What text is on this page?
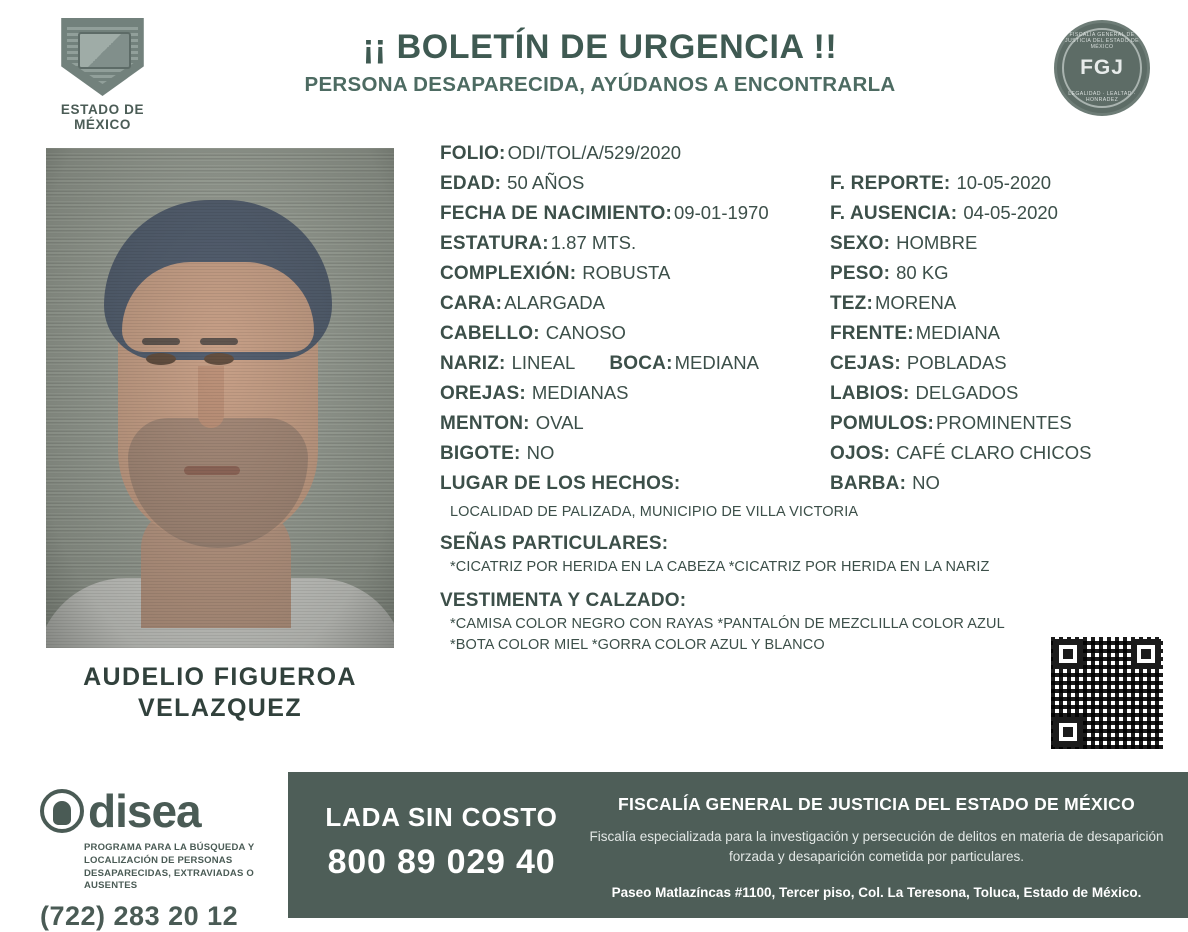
ESTADO DE MÉXICO
¡¡ BOLETÍN DE URGENCIA !!
PERSONA DESAPARECIDA, AYÚDANOS A ENCONTRARLA
FISCALÍA GENERAL DE JUSTICIA DEL ESTADO DE MÉXICO
FGJ
LEGALIDAD · LEALTAD · HONRADEZ
AUDELIO FIGUEROA VELAZQUEZ
FOLIO: ODI/TOL/A/529/2020
EDAD: 50 AÑOS	F. REPORTE: 10-05-2020
FECHA DE NACIMIENTO: 09-01-1970	F. AUSENCIA: 04-05-2020
ESTATURA: 1.87 MTS.	SEXO: HOMBRE
COMPLEXIÓN: ROBUSTA	PESO: 80 KG
CARA: ALARGADA	TEZ: MORENA
CABELLO: CANOSO	FRENTE: MEDIANA
NARIZ: LINEAL BOCA: MEDIANA	CEJAS: POBLADAS
OREJAS: MEDIANAS	LABIOS: DELGADOS
MENTON: OVAL	POMULOS: PROMINENTES
BIGOTE: NO	OJOS: CAFÉ CLARO CHICOS
LUGAR DE LOS HECHOS:	BARBA: NO
LOCALIDAD DE PALIZADA, MUNICIPIO DE VILLA VICTORIA
SEÑAS PARTICULARES:
*CICATRIZ POR HERIDA EN LA CABEZA *CICATRIZ POR HERIDA EN LA NARIZ
VESTIMENTA Y CALZADO:
*CAMISA COLOR NEGRO CON RAYAS *PANTALÓN DE MEZCLILLA COLOR AZUL *BOTA COLOR MIEL *GORRA COLOR AZUL Y BLANCO
disea
PROGRAMA PARA LA BÚSQUEDA Y LOCALIZACIÓN DE PERSONAS DESAPARECIDAS, EXTRAVIADAS O AUSENTES
(722) 283 20 12
LADA SIN COSTO
800 89 029 40
FISCALÍA GENERAL DE JUSTICIA DEL ESTADO DE MÉXICO
Fiscalía especializada para la investigación y persecución de delitos en materia de desaparición forzada y desaparición cometida por particulares.
Paseo Matlazíncas #1100, Tercer piso, Col. La Teresona, Toluca, Estado de México.
